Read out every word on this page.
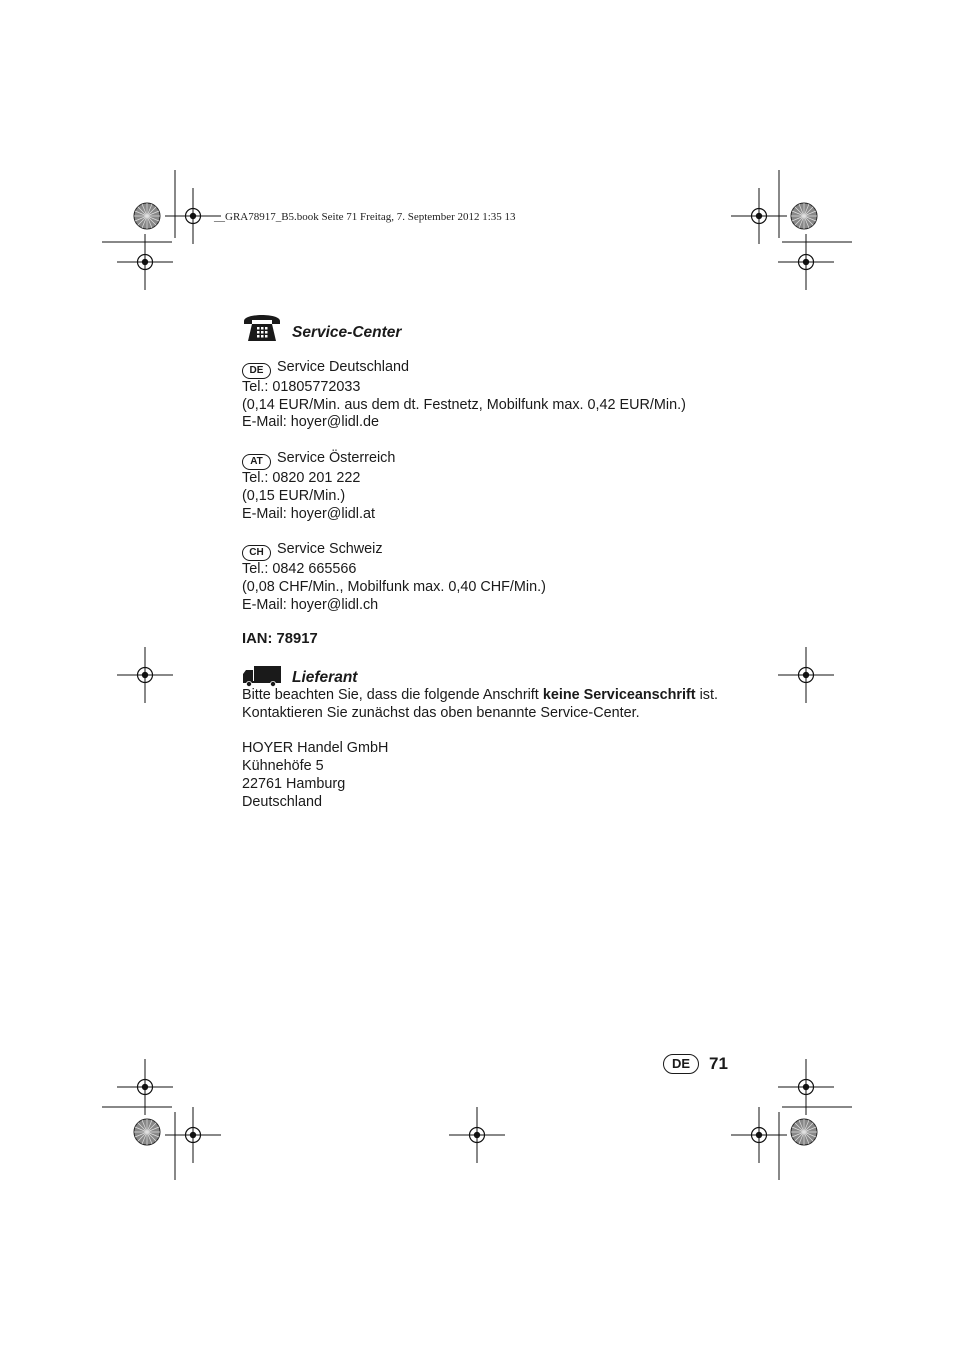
__GRA78917_B5.book Seite 71 Freitag, 7. September 2012 1:35 13
Service-Center
DE Service Deutschland
Tel.: 01805772033
(0,14 EUR/Min. aus dem dt. Festnetz, Mobilfunk max. 0,42 EUR/Min.)
E-Mail: hoyer@lidl.de
AT Service Österreich
Tel.: 0820 201 222
(0,15 EUR/Min.)
E-Mail: hoyer@lidl.at
CH Service Schweiz
Tel.: 0842 665566
(0,08 CHF/Min., Mobilfunk max. 0,40 CHF/Min.)
E-Mail: hoyer@lidl.ch
IAN: 78917
Lieferant
Bitte beachten Sie, dass die folgende Anschrift keine Serviceanschrift ist.
Kontaktieren Sie zunächst das oben benannte Service-Center.
HOYER Handel GmbH
Kühnehöfe 5
22761 Hamburg
Deutschland
DE	71
